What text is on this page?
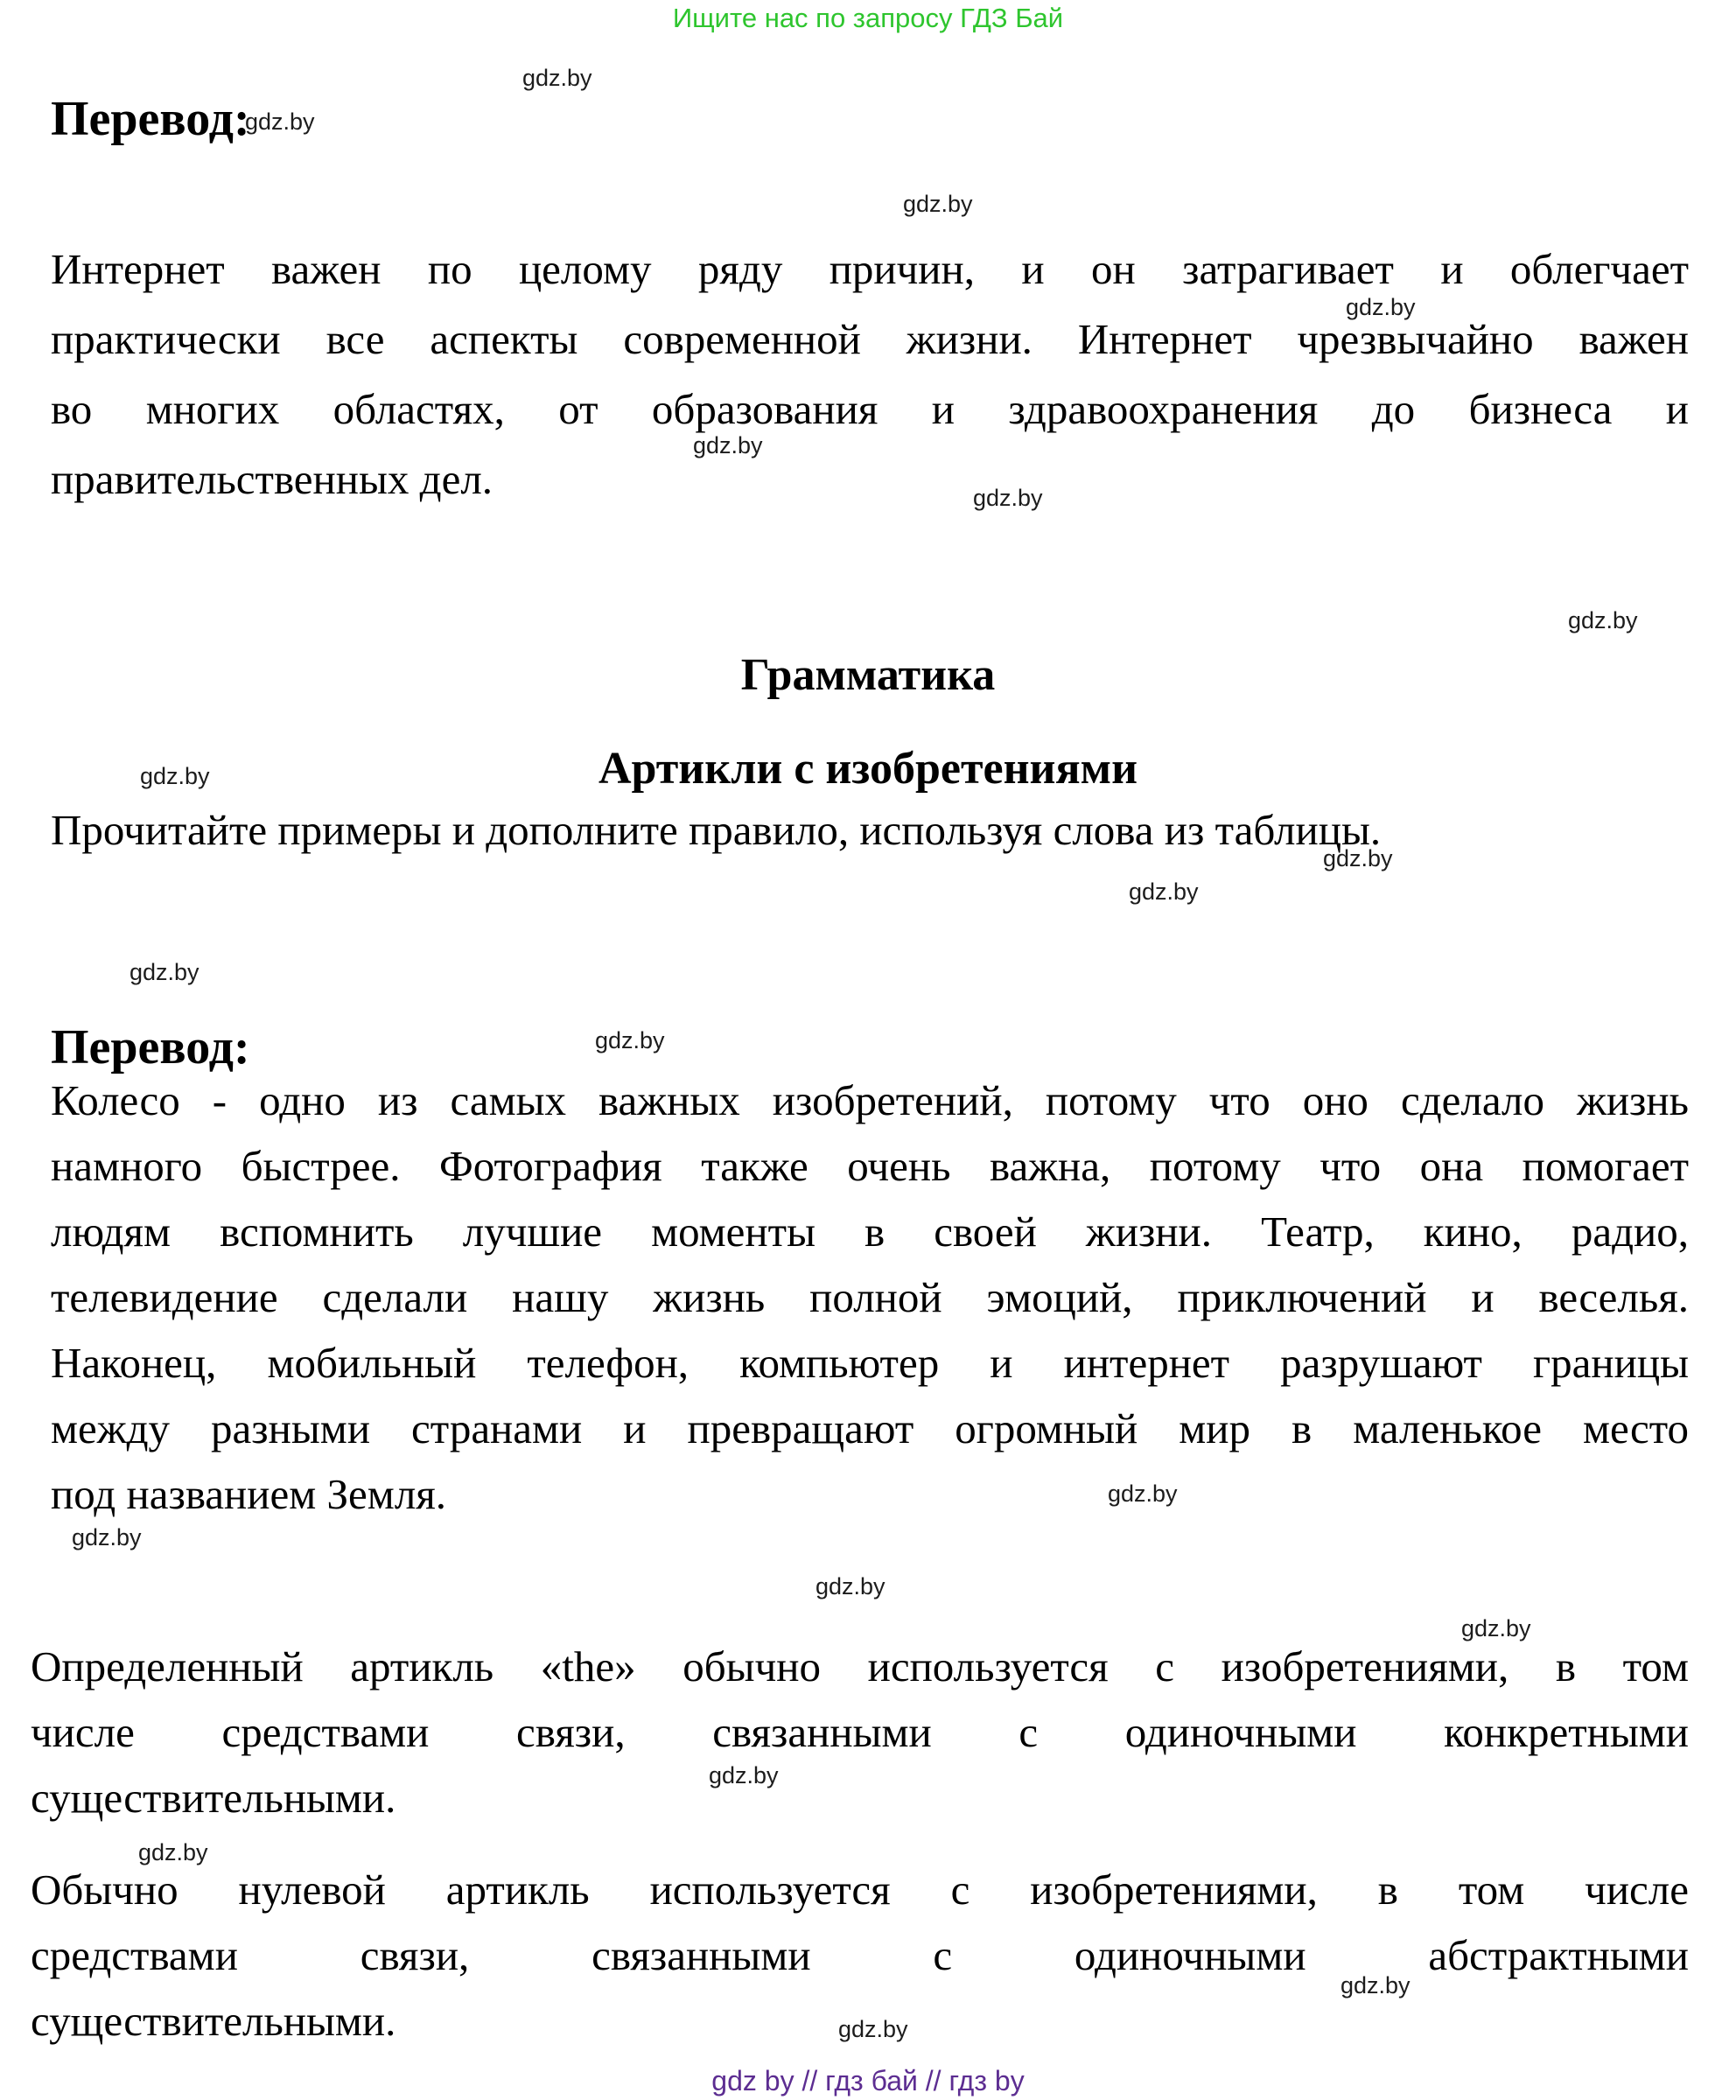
Ищите нас по запросу ГДЗ Бай
Перевод:
Интернет важен по целому ряду причин, и он затрагивает и облегчает
практически все аспекты современной жизни. Интернет чрезвычайно важен
во многих областях, от образования и здравоохранения до бизнеса и
правительственных дел.
Грамматика
Артикли с изобретениями
Прочитайте примеры и дополните правило, используя слова из таблицы.
Перевод:
Колесо - одно из самых важных изобретений, потому что оно сделало жизнь
намного быстрее. Фотография также очень важна, потому что она помогает
людям вспомнить лучшие моменты в своей жизни. Театр, кино, радио,
телевидение сделали нашу жизнь полной эмоций, приключений и веселья.
Наконец, мобильный телефон, компьютер и интернет разрушают границы
между разными странами и превращают огромный мир в маленькое место
под названием Земля.
Определенный артикль «the» обычно используется с изобретениями, в том
числе средствами связи, связанными с одиночными конкретными
существительными.
Обычно нулевой артикль используется с изобретениями, в том числе
средствами связи, связанными с одиночными абстрактными
существительными.
gdz.by
gdz.by
gdz.by
gdz.by
gdz.by
gdz.by
gdz.by
gdz.by
gdz.by
gdz.by
gdz.by
gdz.by
gdz.by
gdz.by
gdz.by
gdz.by
gdz.by
gdz.by
gdz.by
gdz.by
gdz by // гдз бай // гдз by
